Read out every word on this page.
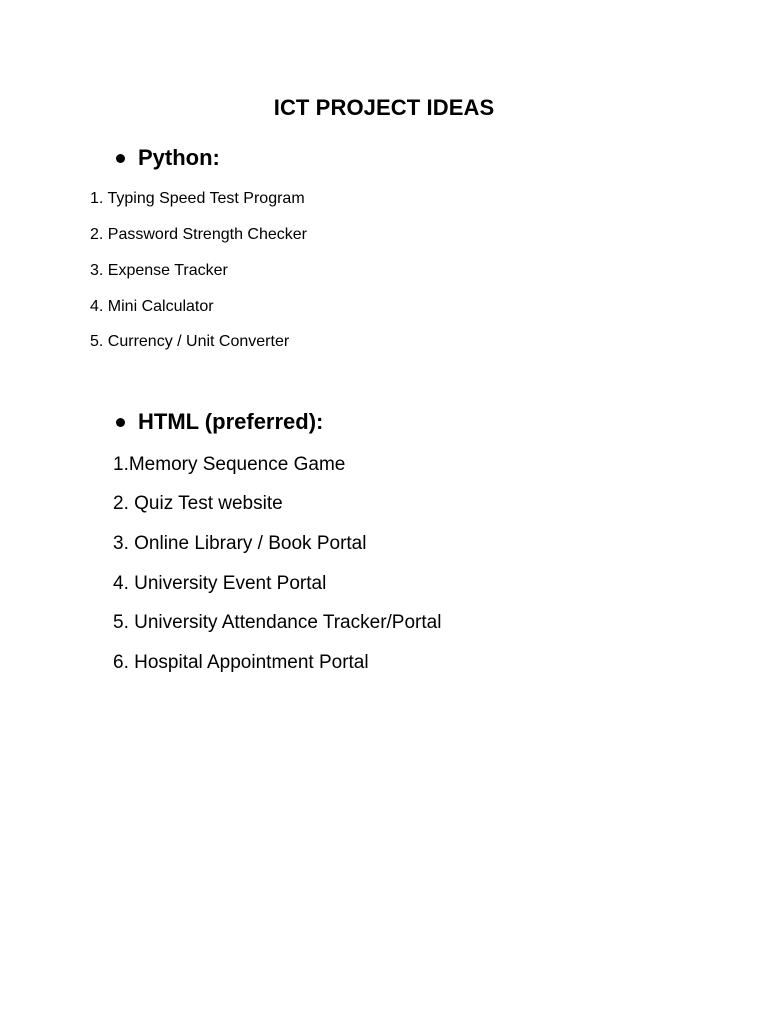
ICT PROJECT IDEAS
Python:
1. Typing Speed Test Program
2. Password Strength Checker
3. Expense Tracker
4. Mini Calculator
5. Currency / Unit Converter
HTML (preferred):
1.Memory Sequence Game
2. Quiz Test website
3. Online Library / Book Portal
4. University Event Portal
5. University Attendance Tracker/Portal
6. Hospital Appointment Portal
